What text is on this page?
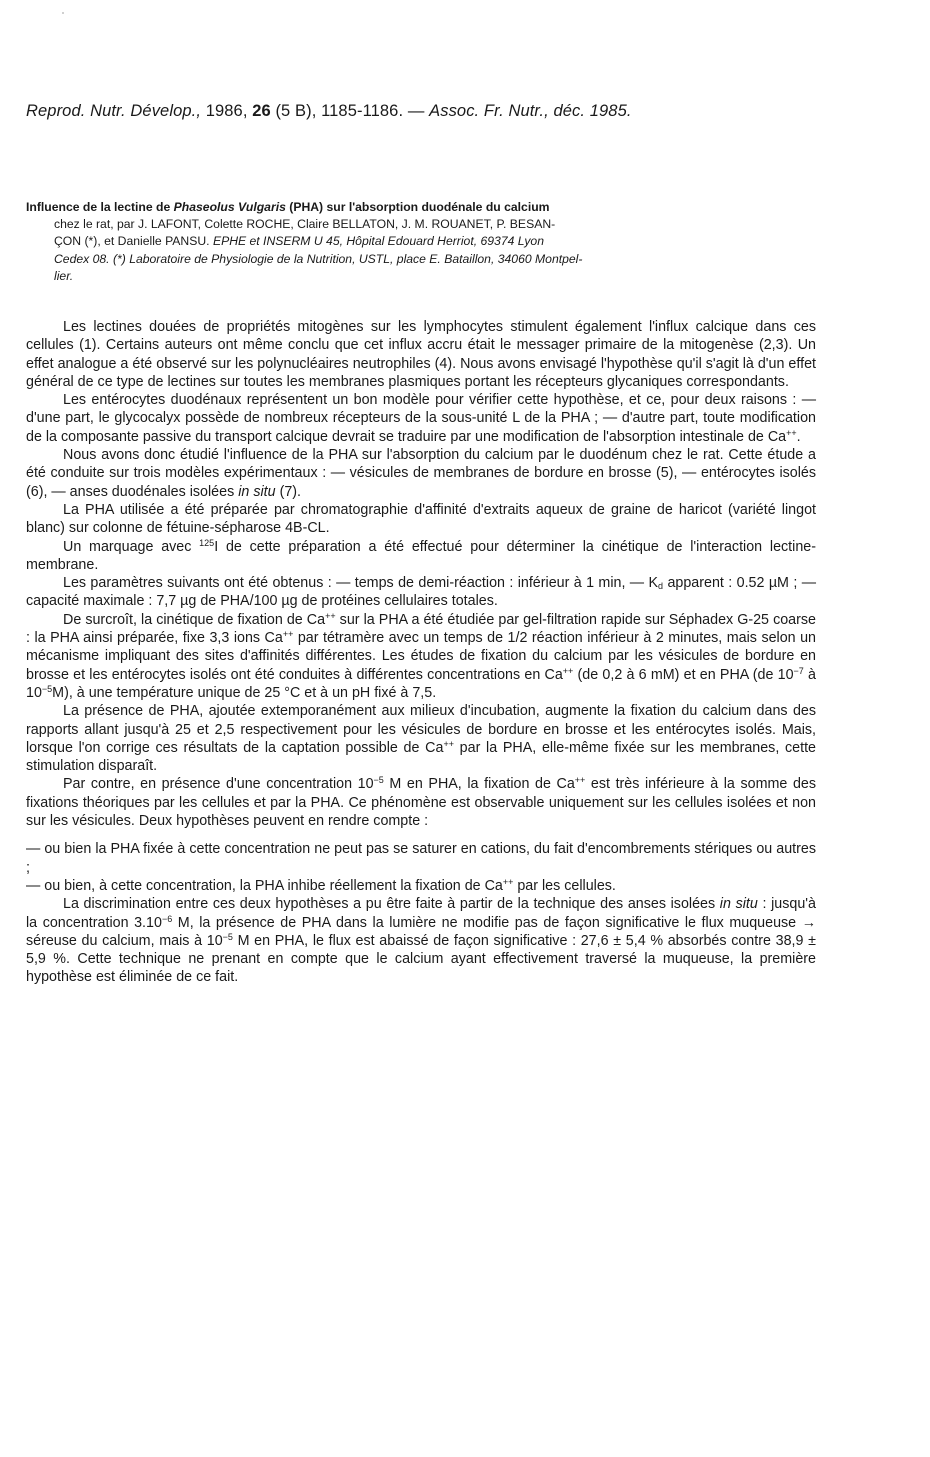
Reprod. Nutr. Dévelop., 1986, 26 (5 B), 1185-1186. — Assoc. Fr. Nutr., déc. 1985.
Influence de la lectine de Phaseolus Vulgaris (PHA) sur l'absorption duodénale du calcium
chez le rat, par J. LAFONT, Colette ROCHE, Claire BELLATON, J. M. ROUANET, P. BESAN-
ÇON (*), et Danielle PANSU. EPHE et INSERM U 45, Hôpital Edouard Herriot, 69374 Lyon
Cedex 08. (*) Laboratoire de Physiologie de la Nutrition, USTL, place E. Bataillon, 34060 Montpel-
lier.

Les lectines douées de propriétés mitogènes sur les lymphocytes stimulent également l'influx calcique dans ces cellules (1). Certains auteurs ont même conclu que cet influx accru était le messager primaire de la mitogenèse (2,3). Un effet analogue a été observé sur les polynucléaires neutrophiles (4). Nous avons envisagé l'hypothèse qu'il s'agit là d'un effet général de ce type de lectines sur toutes les membranes plasmiques portant les récepteurs glycaniques correspondants.

Les entérocytes duodénaux représentent un bon modèle pour vérifier cette hypothèse, et ce, pour deux raisons : — d'une part, le glycocalyx possède de nombreux récepteurs de la sous-unité L de la PHA ; — d'autre part, toute modification de la composante passive du transport calcique devrait se traduire par une modification de l'absorption intestinale de Ca++.

Nous avons donc étudié l'influence de la PHA sur l'absorption du calcium par le duodénum chez le rat. Cette étude a été conduite sur trois modèles expérimentaux : — vésicules de membranes de bordure en brosse (5), — entérocytes isolés (6), — anses duodénales isolées in situ (7).

La PHA utilisée a été préparée par chromatographie d'affinité d'extraits aqueux de graine de haricot (variété lingot blanc) sur colonne de fétuine-sépharose 4B-CL.

Un marquage avec $^{125}$I de cette préparation a été effectué pour déterminer la cinétique de l'interaction lectine-membrane.

Les paramètres suivants ont été obtenus : — temps de demi-réaction : inférieur à 1 min, — $K_d$ apparent : 0.52 µM ; — capacité maximale : 7,7 µg de PHA/100 µg de protéines cellulaires totales.

De surcroît, la cinétique de fixation de Ca++ sur la PHA a été étudiée par gel-filtration rapide sur Séphadex G-25 coarse : la PHA ainsi préparée, fixe 3,3 ions Ca++ par tétramère avec un temps de 1/2 réaction inférieur à 2 minutes, mais selon un mécanisme impliquant des sites d'affinités différentes. Les études de fixation du calcium par les vésicules de bordure en brosse et les entérocytes isolés ont été conduites à différentes concentrations en Ca++ (de 0,2 à 6 mM) et en PHA (de $10^{-7}$ à $10^{-5}M$), à une température unique de 25 °C et à un pH fixé à 7,5.

La présence de PHA, ajoutée extemporanément aux milieux d'incubation, augmente la fixation du calcium dans des rapports allant jusqu'à 25 et 2,5 respectivement pour les vésicules de bordure en brosse et les entérocytes isolés. Mais, lorsque l'on corrige ces résultats de la captation possible de Ca++ par la PHA, elle-même fixée sur les membranes, cette stimulation disparaît.

Par contre, en présence d'une concentration $10^{-5}$ M en PHA, la fixation de Ca++ est très inférieure à la somme des fixations théoriques par les cellules et par la PHA. Ce phénomène est observable uniquement sur les cellules isolées et non sur les vésicules. Deux hypothèses peuvent en rendre compte :

— ou bien la PHA fixée à cette concentration ne peut pas se saturer en cations, du fait d'encombrements stériques ou autres ;

— ou bien, à cette concentration, la PHA inhibe réellement la fixation de Ca++ par les cellules.

La discrimination entre ces deux hypothèses a pu être faite à partir de la technique des anses isolées in situ : jusqu'à la concentration $3.10^{-6}$ M, la présence de PHA dans la lumière ne modifie pas de façon significative le flux muqueuse → séreuse du calcium, mais à $10^{-5}$ M en PHA, le flux est abaissé de façon significative : 27,6 ± 5,4 % absorbés contre 38,9 ± 5,9 %. Cette technique ne prenant en compte que le calcium ayant effectivement traversé la muqueuse, la première hypothèse est éliminée de ce fait.
